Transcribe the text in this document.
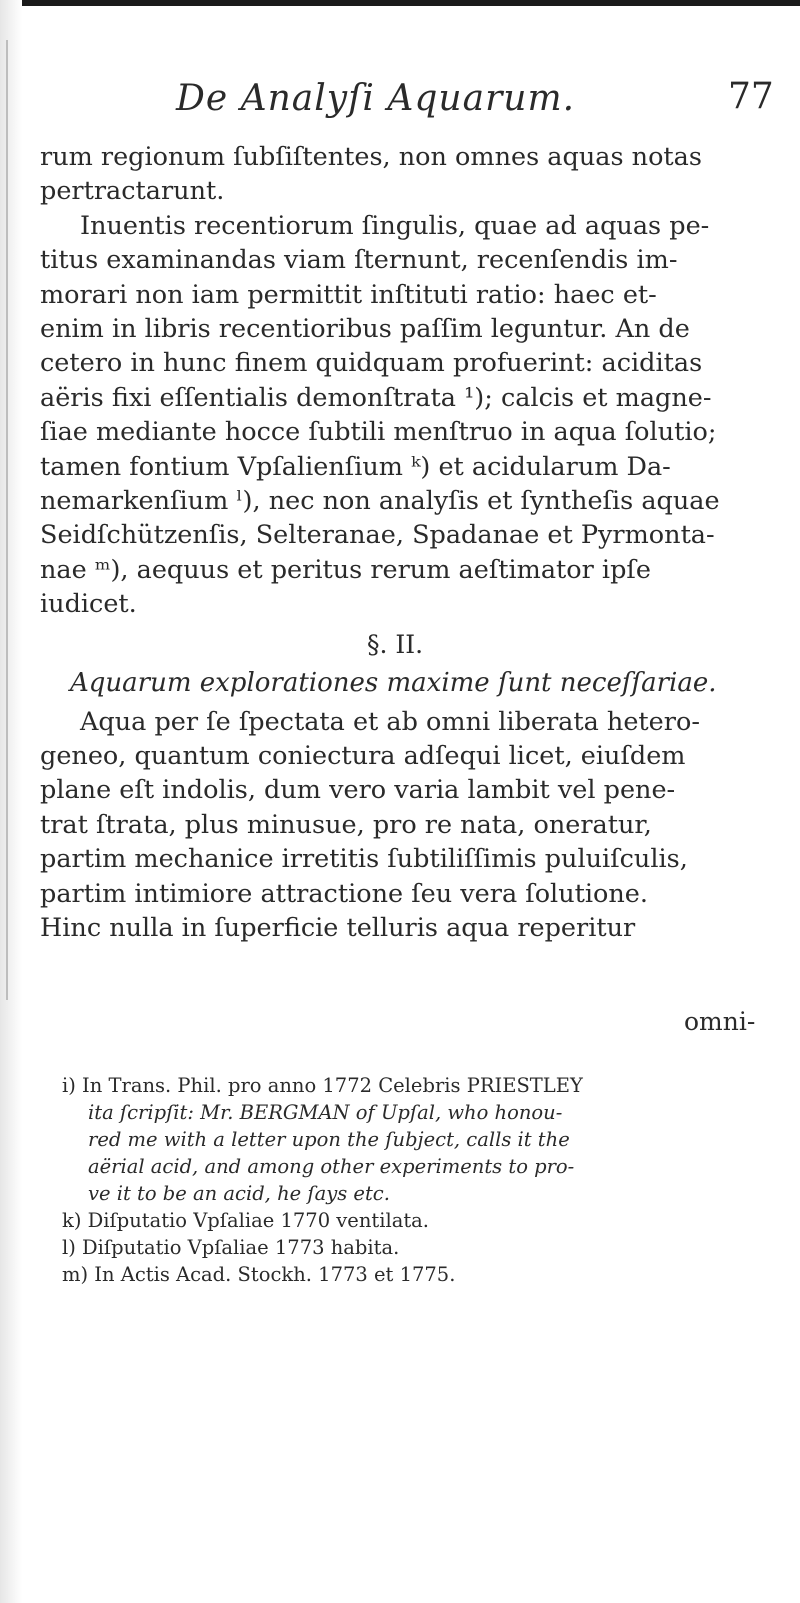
De Analyſi Aquarum.	77
rum regionum ſubſiſtentes, non omnes aquas notas
pertractarunt.
Inuentis recentiorum ſingulis, quae ad aquas pe-
titus examinandas viam ſternunt, recenſendis im-
morari non iam permittit inſtituti ratio: haec et-
enim in libris recentioribus paſſim leguntur. An de
cetero in hunc finem quidquam profuerint: aciditas
aëris fixi eſſentialis demonſtrata ¹); calcis et magne-
ſiae mediante hocce ſubtili menſtruo in aqua ſolutio;
tamen fontium Vpſalienſium ᵏ) et acidularum Da-
nemarkenſium ˡ), nec non analyſis et ſyntheſis aquae
Seidſchützenſis, Selteranae, Spadanae et Pyrmonta-
nae ᵐ), aequus et peritus rerum aeſtimator ipſe
iudicet.
§. II.
Aquarum explorationes maxime ſunt neceſſariae.
Aqua per ſe ſpectata et ab omni liberata hetero-
geneo, quantum coniectura adſequi licet, eiuſdem
plane eſt indolis, dum vero varia lambit vel pene-
trat ſtrata, plus minusue, pro re nata, oneratur,
partim mechanice irretitis ſubtiliſſimis puluiſculis,
partim intimiore attractione ſeu vera ſolutione.
Hinc nulla in ſuperficie telluris aqua reperitur
omni-
i) In Trans. Phil. pro anno 1772 Celebris PRIESTLEY
ita ſcripſit: Mr. BERGMAN of Upſal, who honou-
red me with a letter upon the ſubject, calls it the
aërial acid, and among other experiments to pro-
ve it to be an acid, he ſays etc.
k) Diſputatio Vpſaliae 1770 ventilata.
l) Diſputatio Vpſaliae 1773 habita.
m) In Actis Acad. Stockh. 1773 et 1775.
